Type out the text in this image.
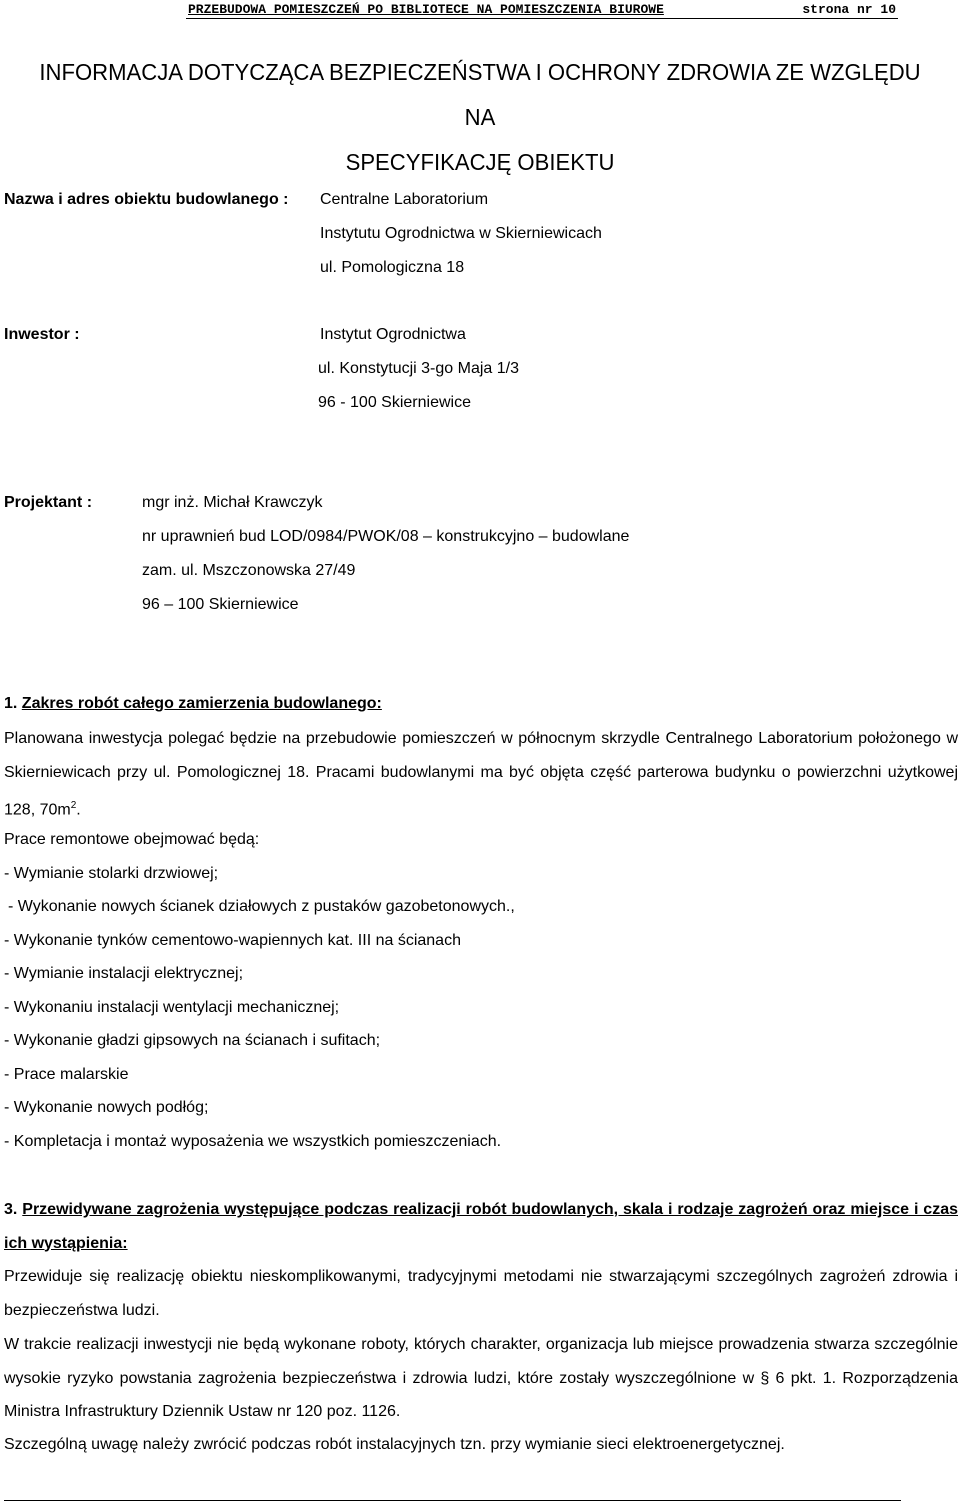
PRZEBUDOWA POMIESZCZEŃ PO BIBLIOTECE NA POMIESZCZENIA BIUROWE	strona nr 10
INFORMACJA DOTYCZĄCA BEZPIECZEŃSTWA I OCHRONY ZDROWIA ZE WZGLĘDU NA
SPECYFIKACJĘ OBIEKTU
Nazwa i adres obiektu budowlanego : Centralne Laboratorium
Instytutu Ogrodnictwa w Skierniewicach
ul. Pomologiczna 18
Inwestor :	Instytut Ogrodnictwa
ul. Konstytucji 3-go Maja 1/3
96 - 100 Skierniewice
Projektant :	mgr inż. Michał Krawczyk
nr uprawnień bud LOD/0984/PWOK/08 – konstrukcyjno – budowlane
zam. ul. Mszczonowska 27/49
96 – 100 Skierniewice
1. Zakres robót całego zamierzenia budowlanego:
Planowana inwestycja polegać będzie na przebudowie pomieszczeń w północnym skrzydle Centralnego Laboratorium położonego w
Skierniewicach przy ul. Pomologicznej 18. Pracami budowlanymi ma być objęta część parterowa budynku o powierzchni użytkowej
128, $70m^2$.
Prace remontowe obejmować będą:
- Wymianie stolarki drzwiowej;
- Wykonanie nowych ścianek działowych z pustaków gazobetonowych.,
- Wykonanie tynków cementowo-wapiennych kat. III na ścianach
- Wymianie instalacji elektrycznej;
- Wykonaniu instalacji wentylacji mechanicznej;
- Wykonanie gładzi gipsowych na ścianach i sufitach;
- Prace malarskie
- Wykonanie nowych podłóg;
- Kompletacja i montaż wyposażenia we wszystkich pomieszczeniach.
3. Przewidywane zagrożenia występujące podczas realizacji robót budowlanych, skala i rodzaje zagrożeń oraz miejsce i czas
ich wystąpienia:
Przewiduje się realizację obiektu nieskomplikowanymi, tradycyjnymi metodami nie stwarzającymi szczególnych zagrożeń zdrowia i
bezpieczeństwa ludzi.
W trakcie realizacji inwestycji nie będą wykonane roboty, których charakter, organizacja lub miejsce prowadzenia stwarza szczególnie
wysokie ryzyko powstania zagrożenia bezpieczeństwa i zdrowia ludzi, które zostały wyszczególnione w § 6 pkt. 1. Rozporządzenia
Ministra Infrastruktury Dziennik Ustaw nr 120 poz. 1126.
Szczególną uwagę należy zwrócić podczas robót instalacyjnych tzn. przy wymianie sieci elektroenergetycznej.
